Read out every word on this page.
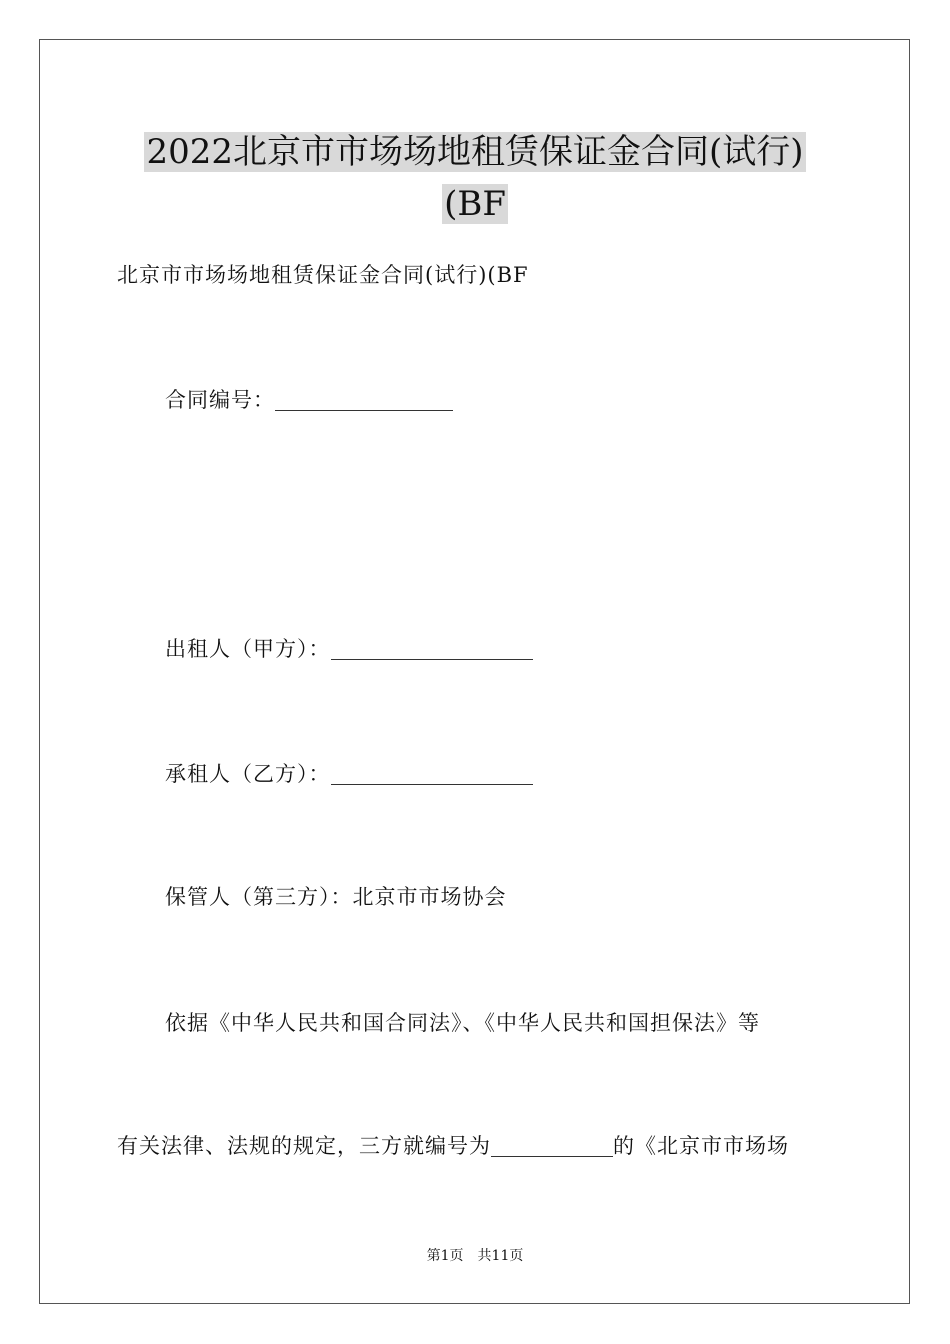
2022北京市市场场地租赁保证金合同(试行)
(BF
北京市市场场地租赁保证金合同(试行)(BF
合同编号：
出租人（甲方）：
承租人（乙方）：
保管人（第三方）：北京市市场协会
依据《中华人民共和国合同法》、《中华人民共和国担保法》等
有关法律、法规的规定，三方就编号为	的《北京市市场场
第1页　共11页
